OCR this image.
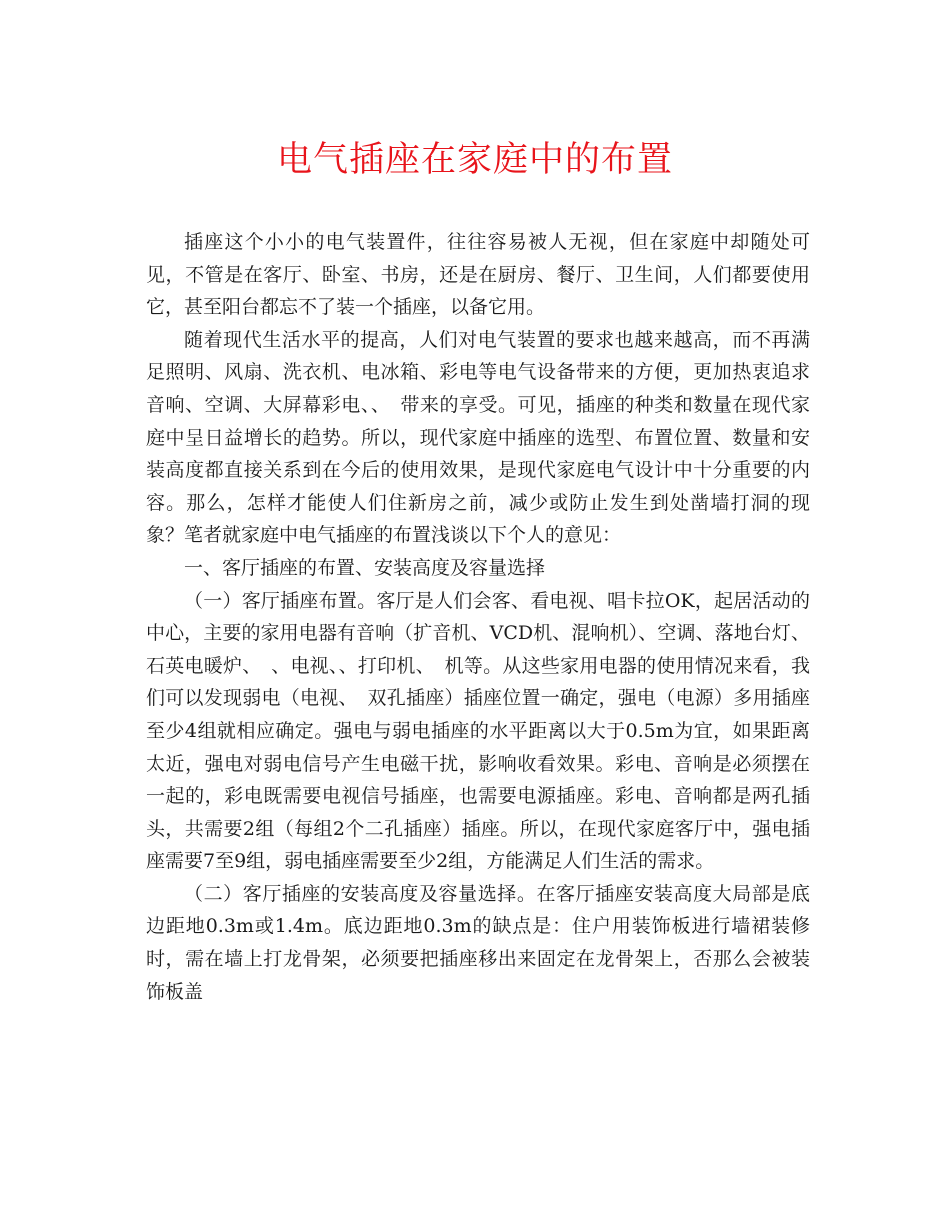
电气插座在家庭中的布置

插座这个小小的电气装置件，往往容易被人无视，但在家庭中却随处可见，不管是在客厅、卧室、书房，还是在厨房、餐厅、卫生间，人们都要使用它，甚至阳台都忘不了装一个插座，以备它用。

随着现代生活水平的提高，人们对电气装置的要求也越来越高，而不再满足照明、风扇、洗衣机、电冰箱、彩电等电气设备带来的方便，更加热衷追求音响、空调、大屏幕彩电、、　带来的享受。可见，插座的种类和数量在现代家庭中呈日益增长的趋势。所以，现代家庭中插座的选型、布置位置、数量和安装高度都直接关系到在今后的使用效果，是现代家庭电气设计中十分重要的内容。那么，怎样才能使人们住新房之前，减少或防止发生到处凿墙打洞的现象？笔者就家庭中电气插座的布置浅谈以下个人的意见：

一、客厅插座的布置、安装高度及容量选择

（一）客厅插座布置。客厅是人们会客、看电视、唱卡拉OK，起居活动的中心，主要的家用电器有音响（扩音机、VCD机、混响机）、空调、落地台灯、石英电暖炉、　、电视、、打印机、　机等。从这些家用电器的使用情况来看，我们可以发现弱电（电视、　双孔插座）插座位置一确定，强电（电源）多用插座至少4组就相应确定。强电与弱电插座的水平距离以大于0.5m为宜，如果距离太近，强电对弱电信号产生电磁干扰，影响收看效果。彩电、音响是必须摆在一起的，彩电既需要电视信号插座，也需要电源插座。彩电、音响都是两孔插头，共需要2组（每组2个二孔插座）插座。所以，在现代家庭客厅中，强电插座需要7至9组，弱电插座需要至少2组，方能满足人们生活的需求。

（二）客厅插座的安装高度及容量选择。在客厅插座安装高度大局部是底边距地0.3m或1.4m。底边距地0.3m的缺点是：住户用装饰板进行墙裙装修时，需在墙上打龙骨架，必须要把插座移出来固定在龙骨架上，否那么会被装饰板盖
